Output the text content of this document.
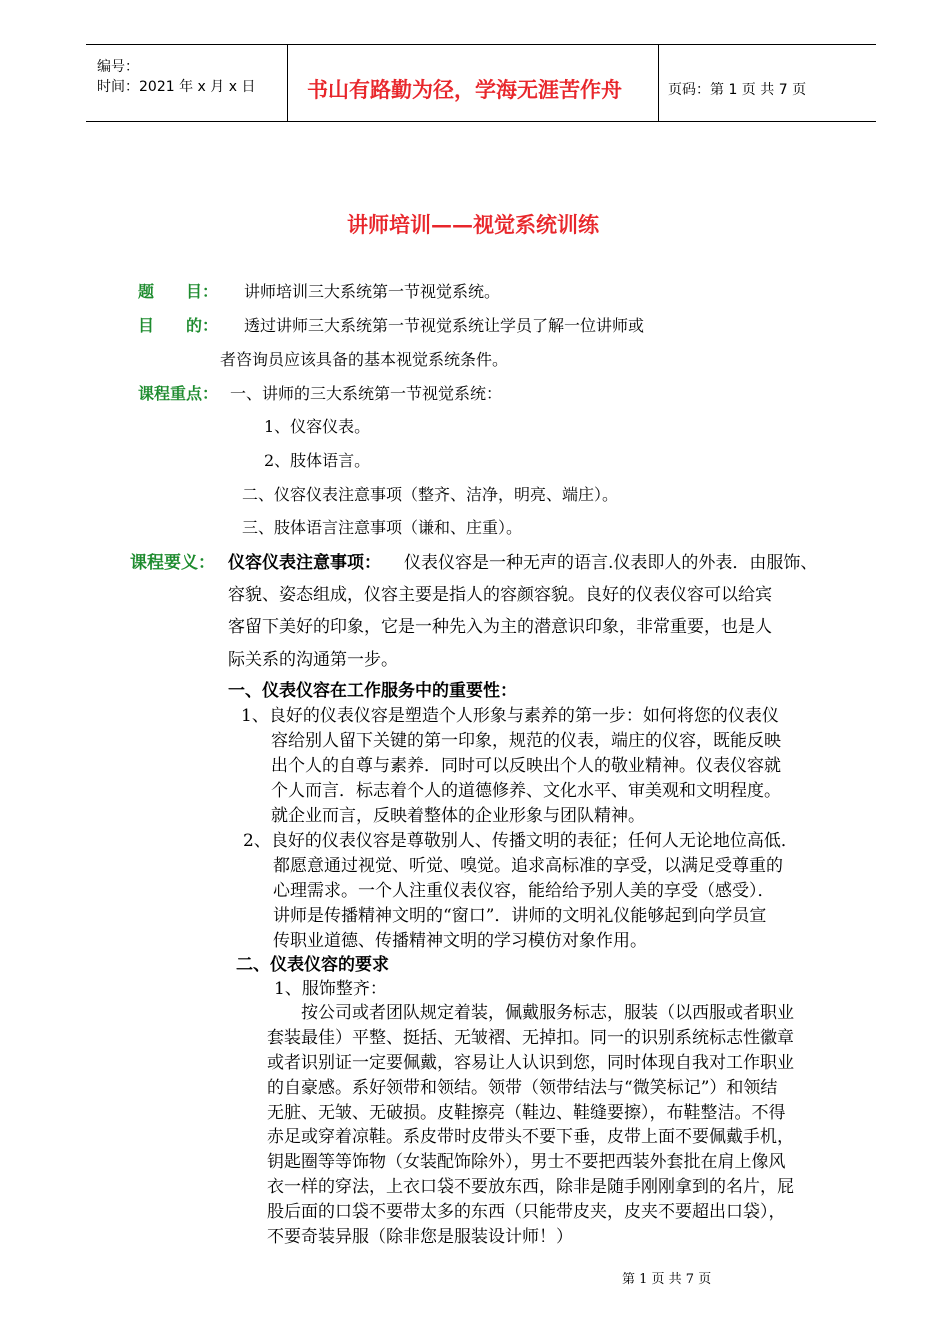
编号：
时间：2021 年 x 月 x 日 书山有路勤为径，学海无涯苦作舟	页码：第 1 页 共 7 页
讲师培训——视觉系统训练
题　　目： 讲师培训三大系统第一节视觉系统。
目　　的： 透过讲师三大系统第一节视觉系统让学员了解一位讲师或
者咨询员应该具备的基本视觉系统条件。
课程重点： 一、讲师的三大系统第一节视觉系统：
1、仪容仪表。
2、肢体语言。
二、仪容仪表注意事项（整齐、洁净，明亮、端庄）。
三、肢体语言注意事项（谦和、庄重）。
课程要义： 仪容仪表注意事项： 仪表仪容是一种无声的语言.仪表即人的外表．由服饰、
容貌、姿态组成，仪容主要是指人的容颜容貌。良好的仪表仪容可以给宾
客留下美好的印象，它是一种先入为主的潜意识印象，非常重要，也是人
际关系的沟通第一步。
一、仪表仪容在工作服务中的重要性：
1、良好的仪表仪容是塑造个人形象与素养的第一步：如何将您的仪表仪
容给别人留下关键的第一印象，规范的仪表，端庄的仪容，既能反映
出个人的自尊与素养．同时可以反映出个人的敬业精神。仪表仪容就
个人而言．标志着个人的道德修养、文化水平、审美观和文明程度。
就企业而言，反映着整体的企业形象与团队精神。
2、良好的仪表仪容是尊敬别人、传播文明的表征；任何人无论地位高低．
都愿意通过视觉、听觉、嗅觉。追求高标准的享受，以满足受尊重的
心理需求。一个人注重仪表仪容，能给给予别人美的享受（感受）．
讲师是传播精神文明的“窗口”．讲师的文明礼仪能够起到向学员宣
传职业道德、传播精神文明的学习模仿对象作用。
二、仪表仪容的要求
1、服饰整齐：
按公司或者团队规定着装，佩戴服务标志，服装（以西服或者职业
套装最佳）平整、挺括、无皱褶、无掉扣。同一的识别系统标志性徽章
或者识别证一定要佩戴，容易让人认识到您，同时体现自我对工作职业
的自豪感。系好领带和领结。领带（领带结法与“微笑标记”）和领结
无脏、无皱、无破损。皮鞋擦亮（鞋边、鞋缝要擦），布鞋整洁。不得
赤足或穿着凉鞋。系皮带时皮带头不要下垂，皮带上面不要佩戴手机，
钥匙圈等等饰物（女装配饰除外），男士不要把西装外套批在肩上像风
衣一样的穿法，上衣口袋不要放东西，除非是随手刚刚拿到的名片，屁
股后面的口袋不要带太多的东西（只能带皮夹，皮夹不要超出口袋），
不要奇装异服（除非您是服装设计师！）
第 1 页 共 7 页
